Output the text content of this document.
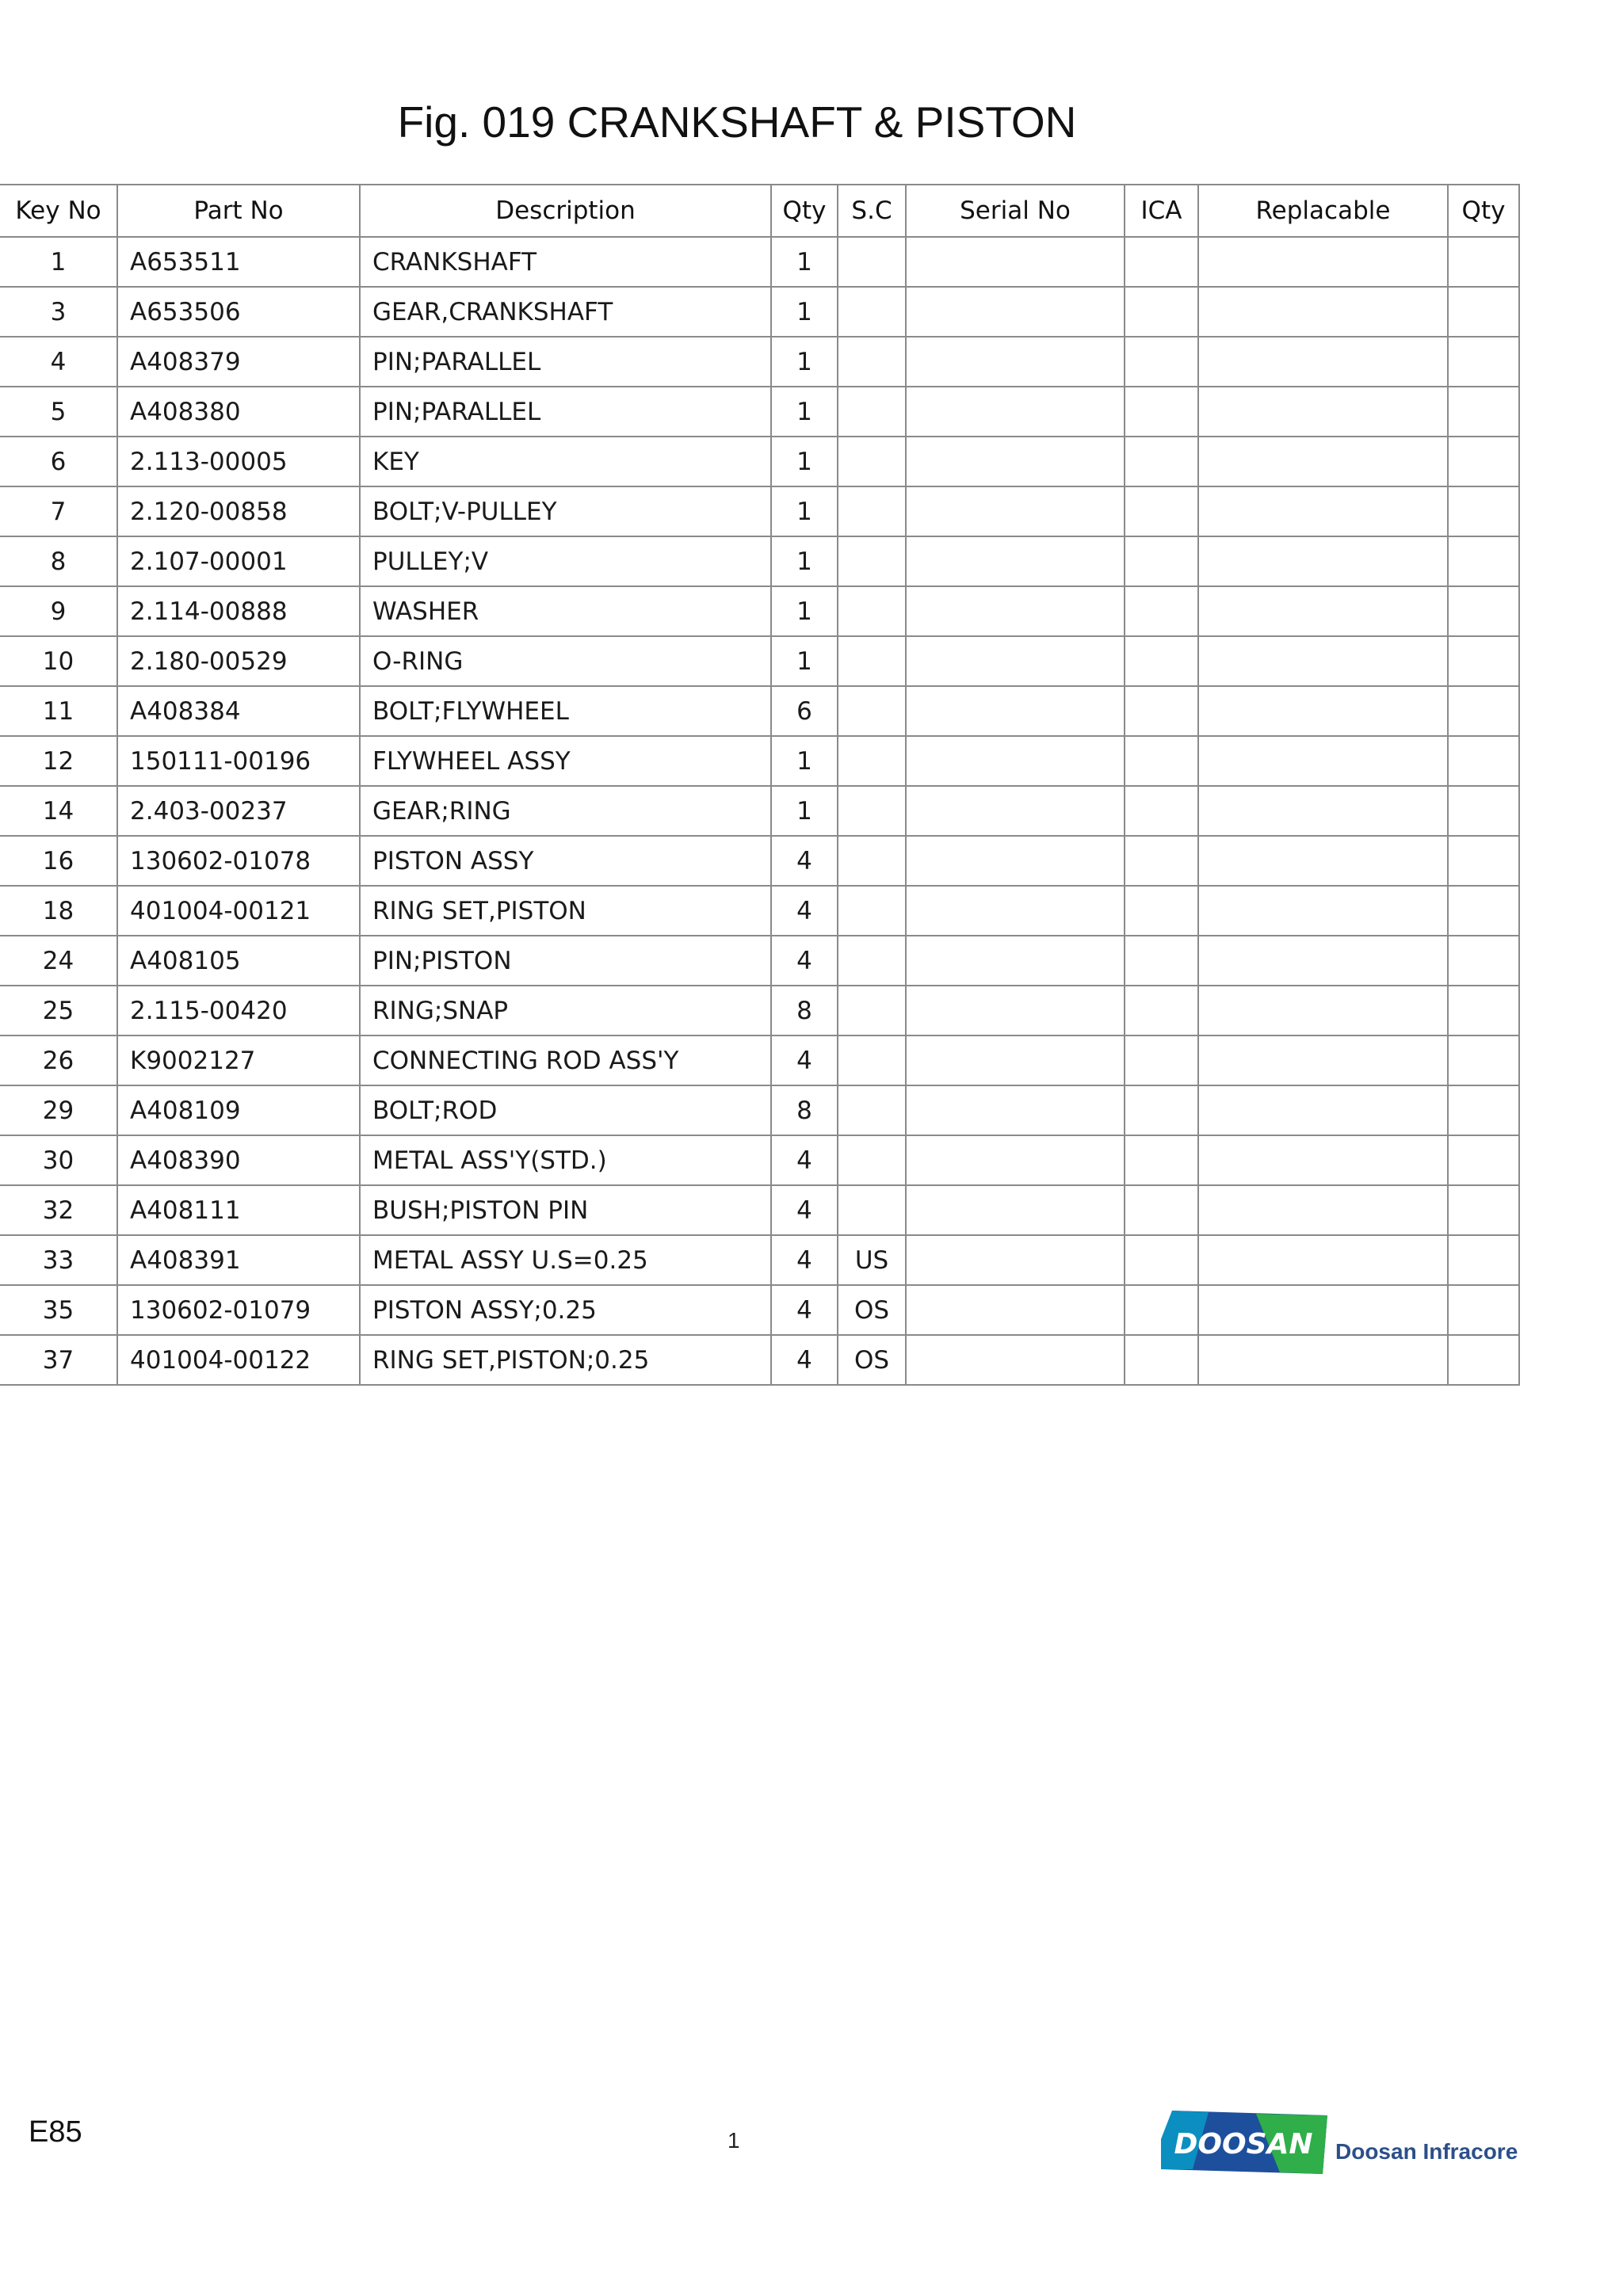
Fig. 019 CRANKSHAFT & PISTON
Key No	Part No	Description	Qty	S.C	Serial No	ICA	Replacable	Qty
1	A653511	CRANKSHAFT	1					
3	A653506	GEAR,CRANKSHAFT	1					
4	A408379	PIN;PARALLEL	1					
5	A408380	PIN;PARALLEL	1					
6	2.113-00005	KEY	1					
7	2.120-00858	BOLT;V-PULLEY	1					
8	2.107-00001	PULLEY;V	1					
9	2.114-00888	WASHER	1					
10	2.180-00529	O-RING	1					
11	A408384	BOLT;FLYWHEEL	6					
12	150111-00196	FLYWHEEL ASSY	1					
14	2.403-00237	GEAR;RING	1					
16	130602-01078	PISTON ASSY	4					
18	401004-00121	RING SET,PISTON	4					
24	A408105	PIN;PISTON	4					
25	2.115-00420	RING;SNAP	8					
26	K9002127	CONNECTING ROD ASS'Y	4					
29	A408109	BOLT;ROD	8					
30	A408390	METAL ASS'Y(STD.)	4					
32	A408111	BUSH;PISTON PIN	4					
33	A408391	METAL ASSY U.S=0.25	4	US				
35	130602-01079	PISTON ASSY;0.25	4	OS				
37	401004-00122	RING SET,PISTON;0.25	4	OS				
E85	1	DOOSAN Doosan Infracore
